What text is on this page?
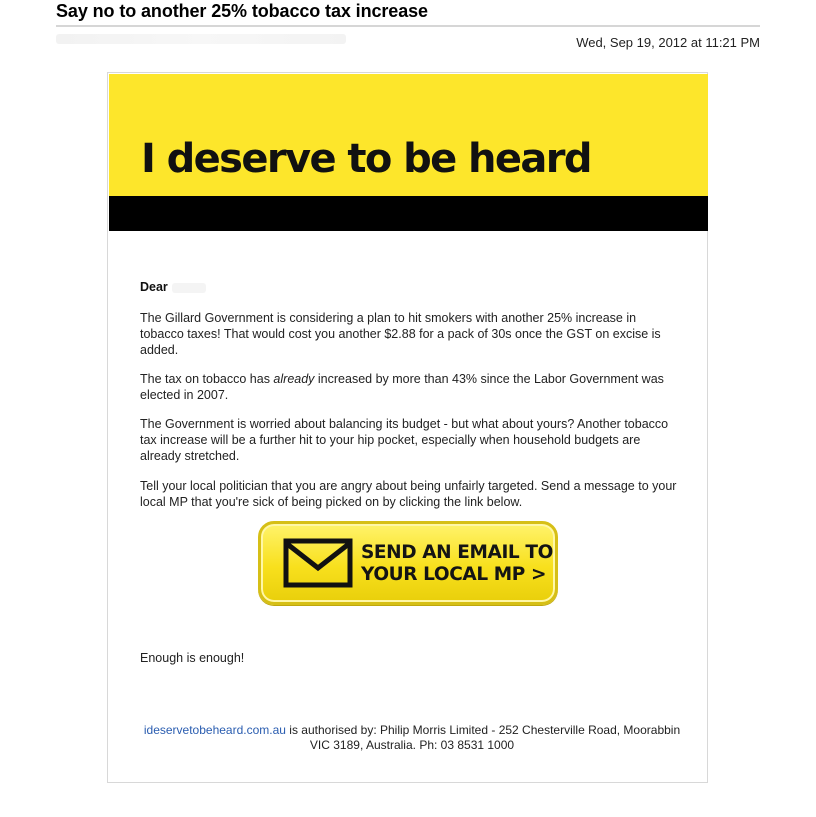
Say no to another 25% tobacco tax increase
Wed, Sep 19, 2012 at 11:21 PM
I deserve to be heard
Dear
The Gillard Government is considering a plan to hit smokers with another 25% increase in tobacco taxes! That would cost you another $2.88 for a pack of 30s once the GST on excise is added.
The tax on tobacco has already increased by more than 43% since the Labor Government was elected in 2007.
The Government is worried about balancing its budget - but what about yours? Another tobacco tax increase will be a further hit to your hip pocket, especially when household budgets are already stretched.
Tell your local politician that you are angry about being unfairly targeted. Send a message to your local MP that you're sick of being picked on by clicking the link below.
SEND AN EMAIL TO
YOUR LOCAL MP >
Enough is enough!
ideservetobeheard.com.au is authorised by: Philip Morris Limited - 252 Chesterville Road, Moorabbin
VIC 3189, Australia. Ph: 03 8531 1000
